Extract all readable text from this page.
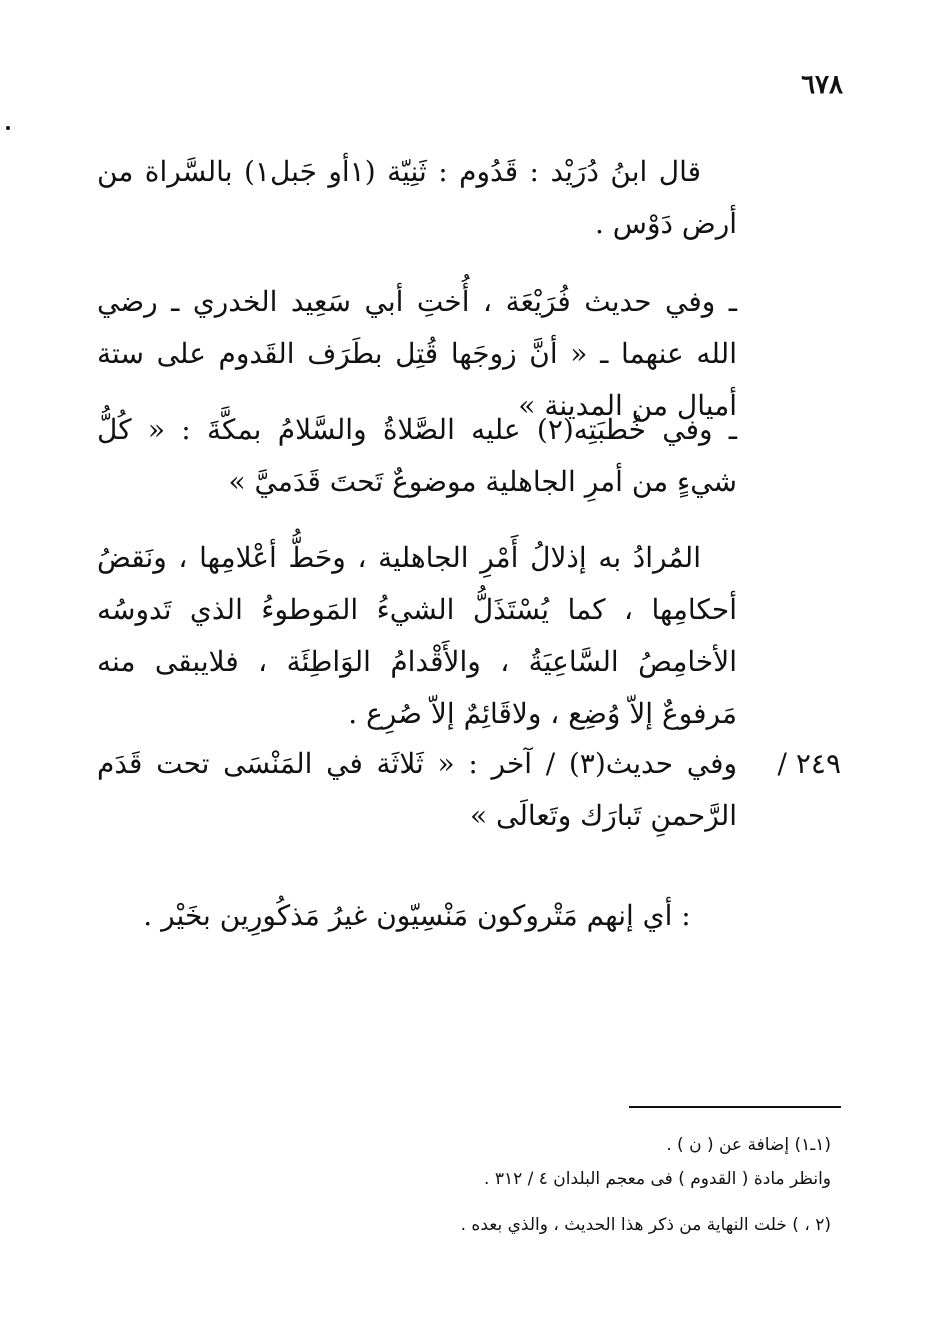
٦٧٨

قال ابنُ دُرَيْد : قَدُوم : ثَنِيّة (١أو جَبل١) بالسَّراة من أرض دَوْس .

ـ وفي حديث فُرَيْعَة ، أُختِ أبي سَعِيد الخدري ـ رضي الله عنهما ـ « أنَّ زوجَها قُتِل بطَرَف القَدوم على ستة أميال من المدينة »

ـ وفي خُطبَتِه(٢) عليه الصَّلاةُ والسَّلامُ بمكَّةَ : « كُلُّ شيءٍ من أمرِ الجاهلية موضوعٌ تَحتَ قَدَميَّ »

المُرادُ به إذلالُ أَمْرِ الجاهلية ، وحَطُّ أعْلامِها ، ونَقضُ أحكامِها ، كما يُسْتَذَلُّ الشيءُ المَوطوءُ الذي تَدوسُه الأخامِصُ السَّاعِيَةُ ، والأَقْدامُ الوَاطِئَة ، فلايبقى منه مَرفوعٌ إلاّ وُضِع ، ولاقَائِمٌ إلاّ صُرِع .

٢٤٩ /

وفي حديث(٣) / آخر : « ثَلاثَة في المَنْسَى تحت قَدَم الرَّحمنِ تَبارَك وتَعالَى »

: أي إنهم مَتْروكون مَنْسِيّون غيرُ مَذكُورِين بخَيْر .

(١ـ١) إضافة عن ( ن ) .

وانظر مادة ( القدوم ) فى معجم البلدان ٤ / ٣١٢ .

(٢ ، ) خلت النهاية من ذكر هذا الحديث ، والذي بعده .
